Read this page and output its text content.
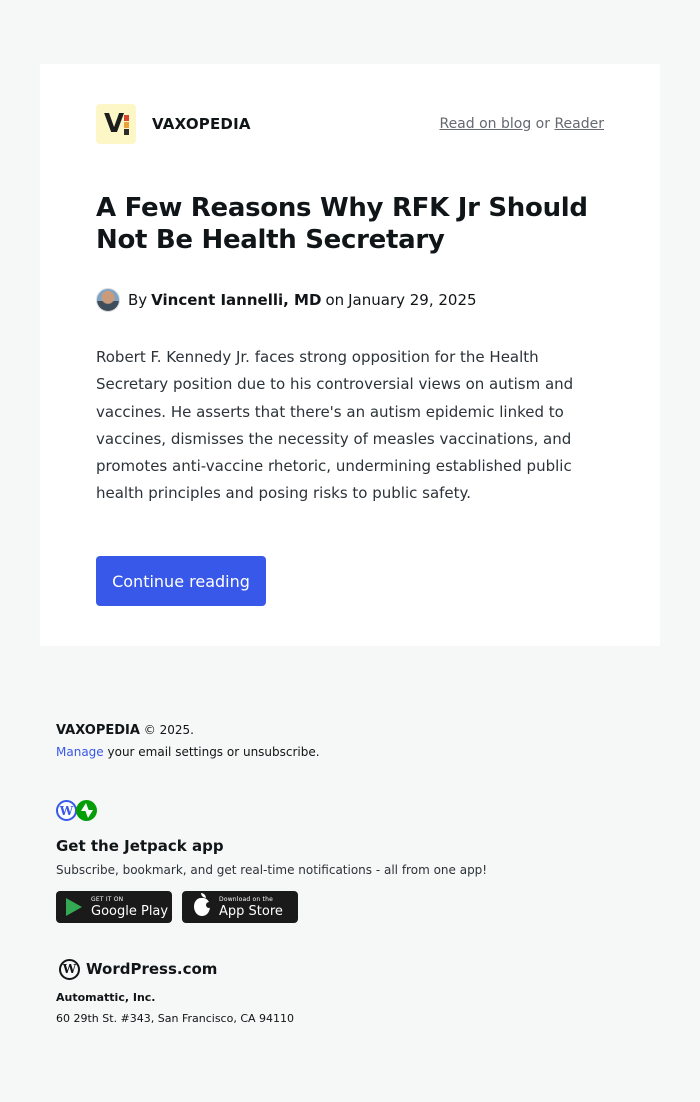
V VAXOPEDIA	Read on blog or Reader
A Few Reasons Why RFK Jr Should Not Be Health Secretary
By Vincent Iannelli, MD on January 29, 2025

Robert F. Kennedy Jr. faces strong opposition for the Health Secretary position due to his controversial views on autism and vaccines. He asserts that there's an autism epidemic linked to vaccines, dismisses the necessity of measles vaccinations, and promotes anti-vaccine rhetoric, undermining established public health principles and posing risks to public safety.

Continue reading
VAXOPEDIA © 2025.
Manage your email settings or unsubscribe.
W
Get the Jetpack app
Subscribe, bookmark, and get real-time notifications - all from one app!
GET IT ON
Google Play
Download on the
App Store
W WordPress.com
Automattic, Inc.
60 29th St. #343, San Francisco, CA 94110
